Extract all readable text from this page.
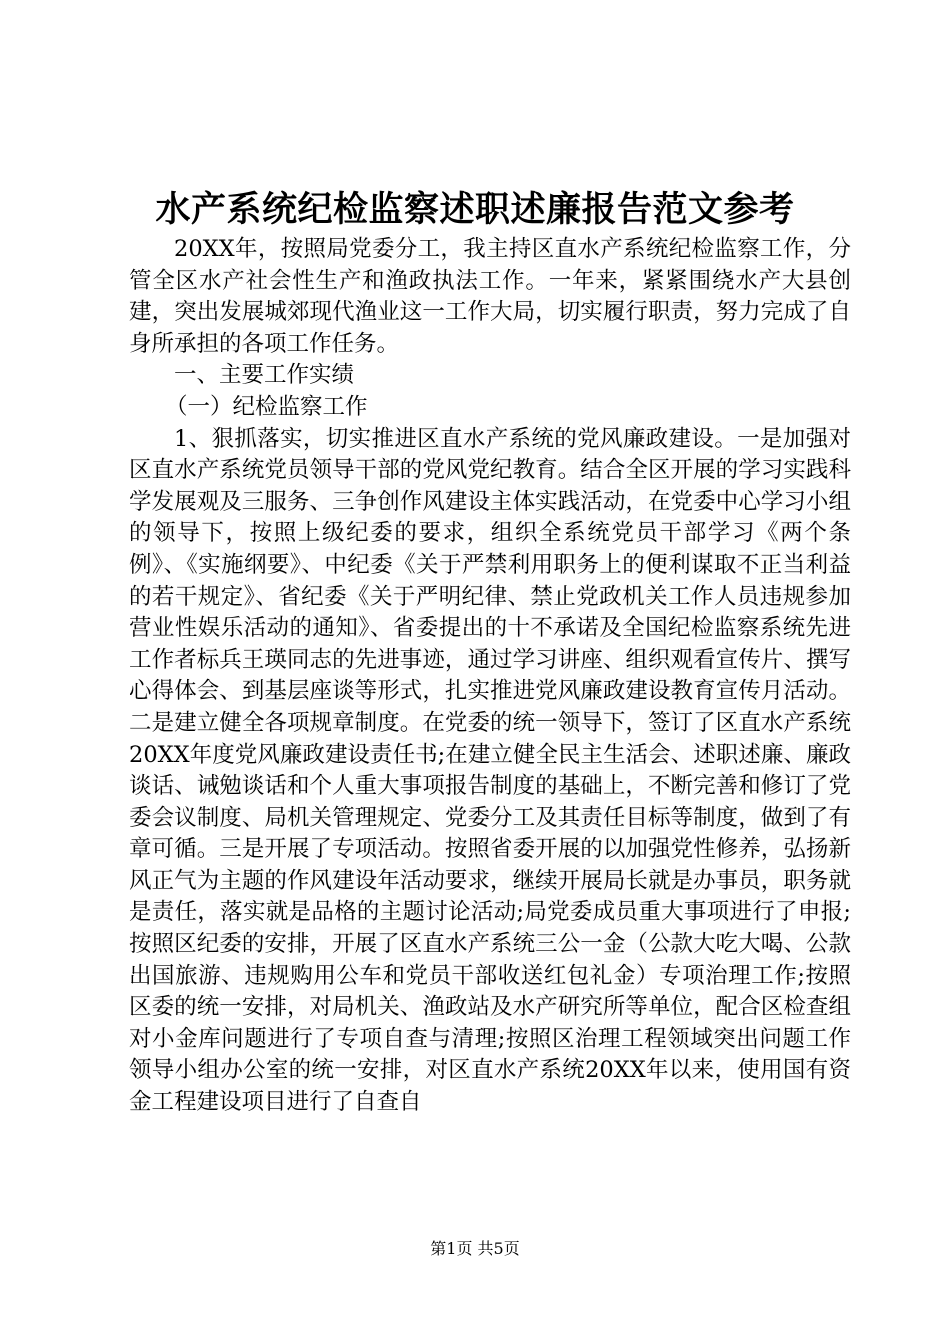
水产系统纪检监察述职述廉报告范文参考

20XX年，按照局党委分工，我主持区直水产系统纪检监察工作，分管全区水产社会性生产和渔政执法工作。一年来，紧紧围绕水产大县创建，突出发展城郊现代渔业这一工作大局，切实履行职责，努力完成了自身所承担的各项工作任务。

一、主要工作实绩

（一）纪检监察工作

1、狠抓落实，切实推进区直水产系统的党风廉政建设。一是加强对区直水产系统党员领导干部的党风党纪教育。结合全区开展的学习实践科学发展观及三服务、三争创作风建设主体实践活动，在党委中心学习小组的领导下，按照上级纪委的要求，组织全系统党员干部学习《两个条例》、《实施纲要》、中纪委《关于严禁利用职务上的便利谋取不正当利益的若干规定》、省纪委《关于严明纪律、禁止党政机关工作人员违规参加营业性娱乐活动的通知》、省委提出的十不承诺及全国纪检监察系统先进工作者标兵王瑛同志的先进事迹，通过学习讲座、组织观看宣传片、撰写心得体会、到基层座谈等形式，扎实推进党风廉政建设教育宣传月活动。二是建立健全各项规章制度。在党委的统一领导下，签订了区直水产系统20XX年度党风廉政建设责任书;在建立健全民主生活会、述职述廉、廉政谈话、诫勉谈话和个人重大事项报告制度的基础上，不断完善和修订了党委会议制度、局机关管理规定、党委分工及其责任目标等制度，做到了有章可循。三是开展了专项活动。按照省委开展的以加强党性修养，弘扬新风正气为主题的作风建设年活动要求，继续开展局长就是办事员，职务就是责任，落实就是品格的主题讨论活动;局党委成员重大事项进行了申报;按照区纪委的安排，开展了区直水产系统三公一金（公款大吃大喝、公款出国旅游、违规购用公车和党员干部收送红包礼金）专项治理工作;按照区委的统一安排，对局机关、渔政站及水产研究所等单位，配合区检查组对小金库问题进行了专项自查与清理;按照区治理工程领域突出问题工作领导小组办公室的统一安排，对区直水产系统20XX年以来，使用国有资金工程建设项目进行了自查自

第1页 共5页
